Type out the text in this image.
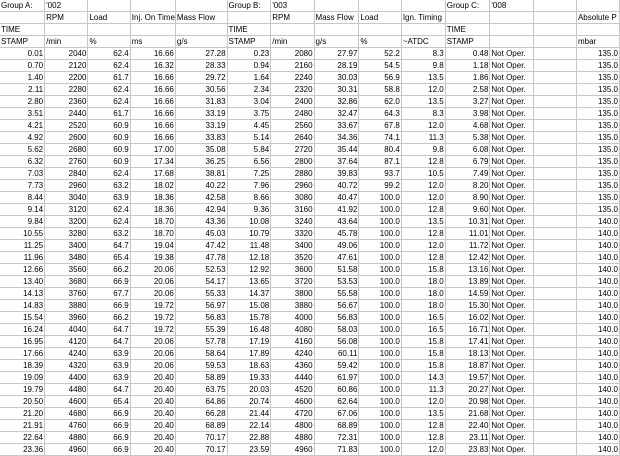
Group A:	'002				Group B:	'003				Group C:	'008		
	RPM	Load	Inj. On Time	Mass Flow		RPM	Mass Flow	Load	Ign. Timing				Absolute P
TIME					TIME					TIME			
STAMP	/min	%	ms	g/s	STAMP	/min	g/s	%	~ATDC	STAMP			mbar
0.01	2040	62.4	16.66	27.28	0.23	2080	27.97	52.2	8.3	0.48	Not Oper.		135.0
0.70	2120	62.4	16.32	28.33	0.94	2160	28.19	54.5	9.8	1.18	Not Oper.		135.0
1.40	2200	61.7	16.66	29.72	1.64	2240	30.03	56.9	13.5	1.86	Not Oper.		135.0
2.11	2280	62.4	16.66	30.56	2.34	2320	30.31	58.8	12.0	2.58	Not Oper.		135.0
2.80	2360	62.4	16.66	31.83	3.04	2400	32.86	62.0	13.5	3.27	Not Oper.		135.0
3.51	2440	61.7	16.66	33.19	3.75	2480	32.47	64.3	8.3	3.98	Not Oper.		135.0
4.21	2520	60.9	16.66	33.19	4.45	2560	33.67	67.8	12.0	4.68	Not Oper.		135.0
4.92	2600	60.9	16.66	33.83	5.14	2640	34.36	74.1	11.3	5.38	Not Oper.		135.0
5.62	2680	60.9	17.00	35.08	5.84	2720	35.44	80.4	9.8	6.08	Not Oper.		135.0
6.32	2760	60.9	17.34	36.25	6.56	2800	37.64	87.1	12.8	6.79	Not Oper.		135.0
7.03	2840	62.4	17.68	38.81	7.25	2880	39.83	93.7	10.5	7.49	Not Oper.		135.0
7.73	2960	63.2	18.02	40.22	7.96	2960	40.72	99.2	12.0	8.20	Not Oper.		135.0
8.44	3040	63.9	18.36	42.58	8.66	3080	40.47	100.0	12.0	8.90	Not Oper.		135.0
9.14	3120	62.4	18.36	42.94	9.36	3160	41.92	100.0	12.8	9.60	Not Oper.		135.0
9.84	3200	62.4	18.70	43.36	10.08	3240	43.64	100.0	13.5	10.31	Not Oper.		140.0
10.55	3280	63.2	18.70	45.03	10.79	3320	45.78	100.0	12.8	11.01	Not Oper.		140.0
11.25	3400	64.7	19.04	47.42	11.48	3400	49.06	100.0	12.0	11.72	Not Oper.		140.0
11.96	3480	65.4	19.38	47.78	12.18	3520	47.61	100.0	12.8	12.42	Not Oper.		140.0
12.66	3560	66.2	20.06	52.53	12.92	3600	51.58	100.0	15.8	13.16	Not Oper.		140.0
13.40	3680	66.9	20.06	54.17	13.65	3720	53.53	100.0	18.0	13.89	Not Oper.		140.0
14.13	3760	67.7	20.06	55.33	14.37	3800	55.58	100.0	18.0	14.59	Not Oper.		140.0
14.83	3880	66.9	19.72	56.97	15.08	3880	56.67	100.0	18.0	15.30	Not Oper.		140.0
15.54	3960	66.2	19.72	56.83	15.78	4000	56.83	100.0	16.5	16.02	Not Oper.		140.0
16.24	4040	64.7	19.72	55.39	16.48	4080	58.03	100.0	16.5	16.71	Not Oper.		140.0
16.95	4120	64.7	20.06	57.78	17.19	4160	56.08	100.0	15.8	17.41	Not Oper.		140.0
17.66	4240	63.9	20.06	58.64	17.89	4240	60.11	100.0	15.8	18.13	Not Oper.		140.0
18.39	4320	63.9	20.06	59.53	18.63	4360	59.42	100.0	15.8	18.87	Not Oper.		140.0
19.09	4400	63.9	20.40	58.89	19.33	4440	61.97	100.0	14.3	19.57	Not Oper.		140.0
19.79	4480	64.7	20.40	63.75	20.03	4520	60.86	100.0	11.3	20.27	Not Oper.		140.0
20.50	4600	65.4	20.40	64.86	20.74	4600	62.64	100.0	12.0	20.98	Not Oper.		140.0
21.20	4680	66.9	20.40	66.28	21.44	4720	67.06	100.0	13.5	21.68	Not Oper.		140.0
21.91	4760	66.9	20.40	68.89	22.14	4800	68.89	100.0	12.8	22.40	Not Oper.		140.0
22.64	4880	66.9	20.40	70.17	22.88	4880	72.31	100.0	12.8	23.11	Not Oper.		140.0
23.36	4960	66.9	20.40	70.17	23.59	4960	71.83	100.0	12.0	23.83	Not Oper.		140.0
